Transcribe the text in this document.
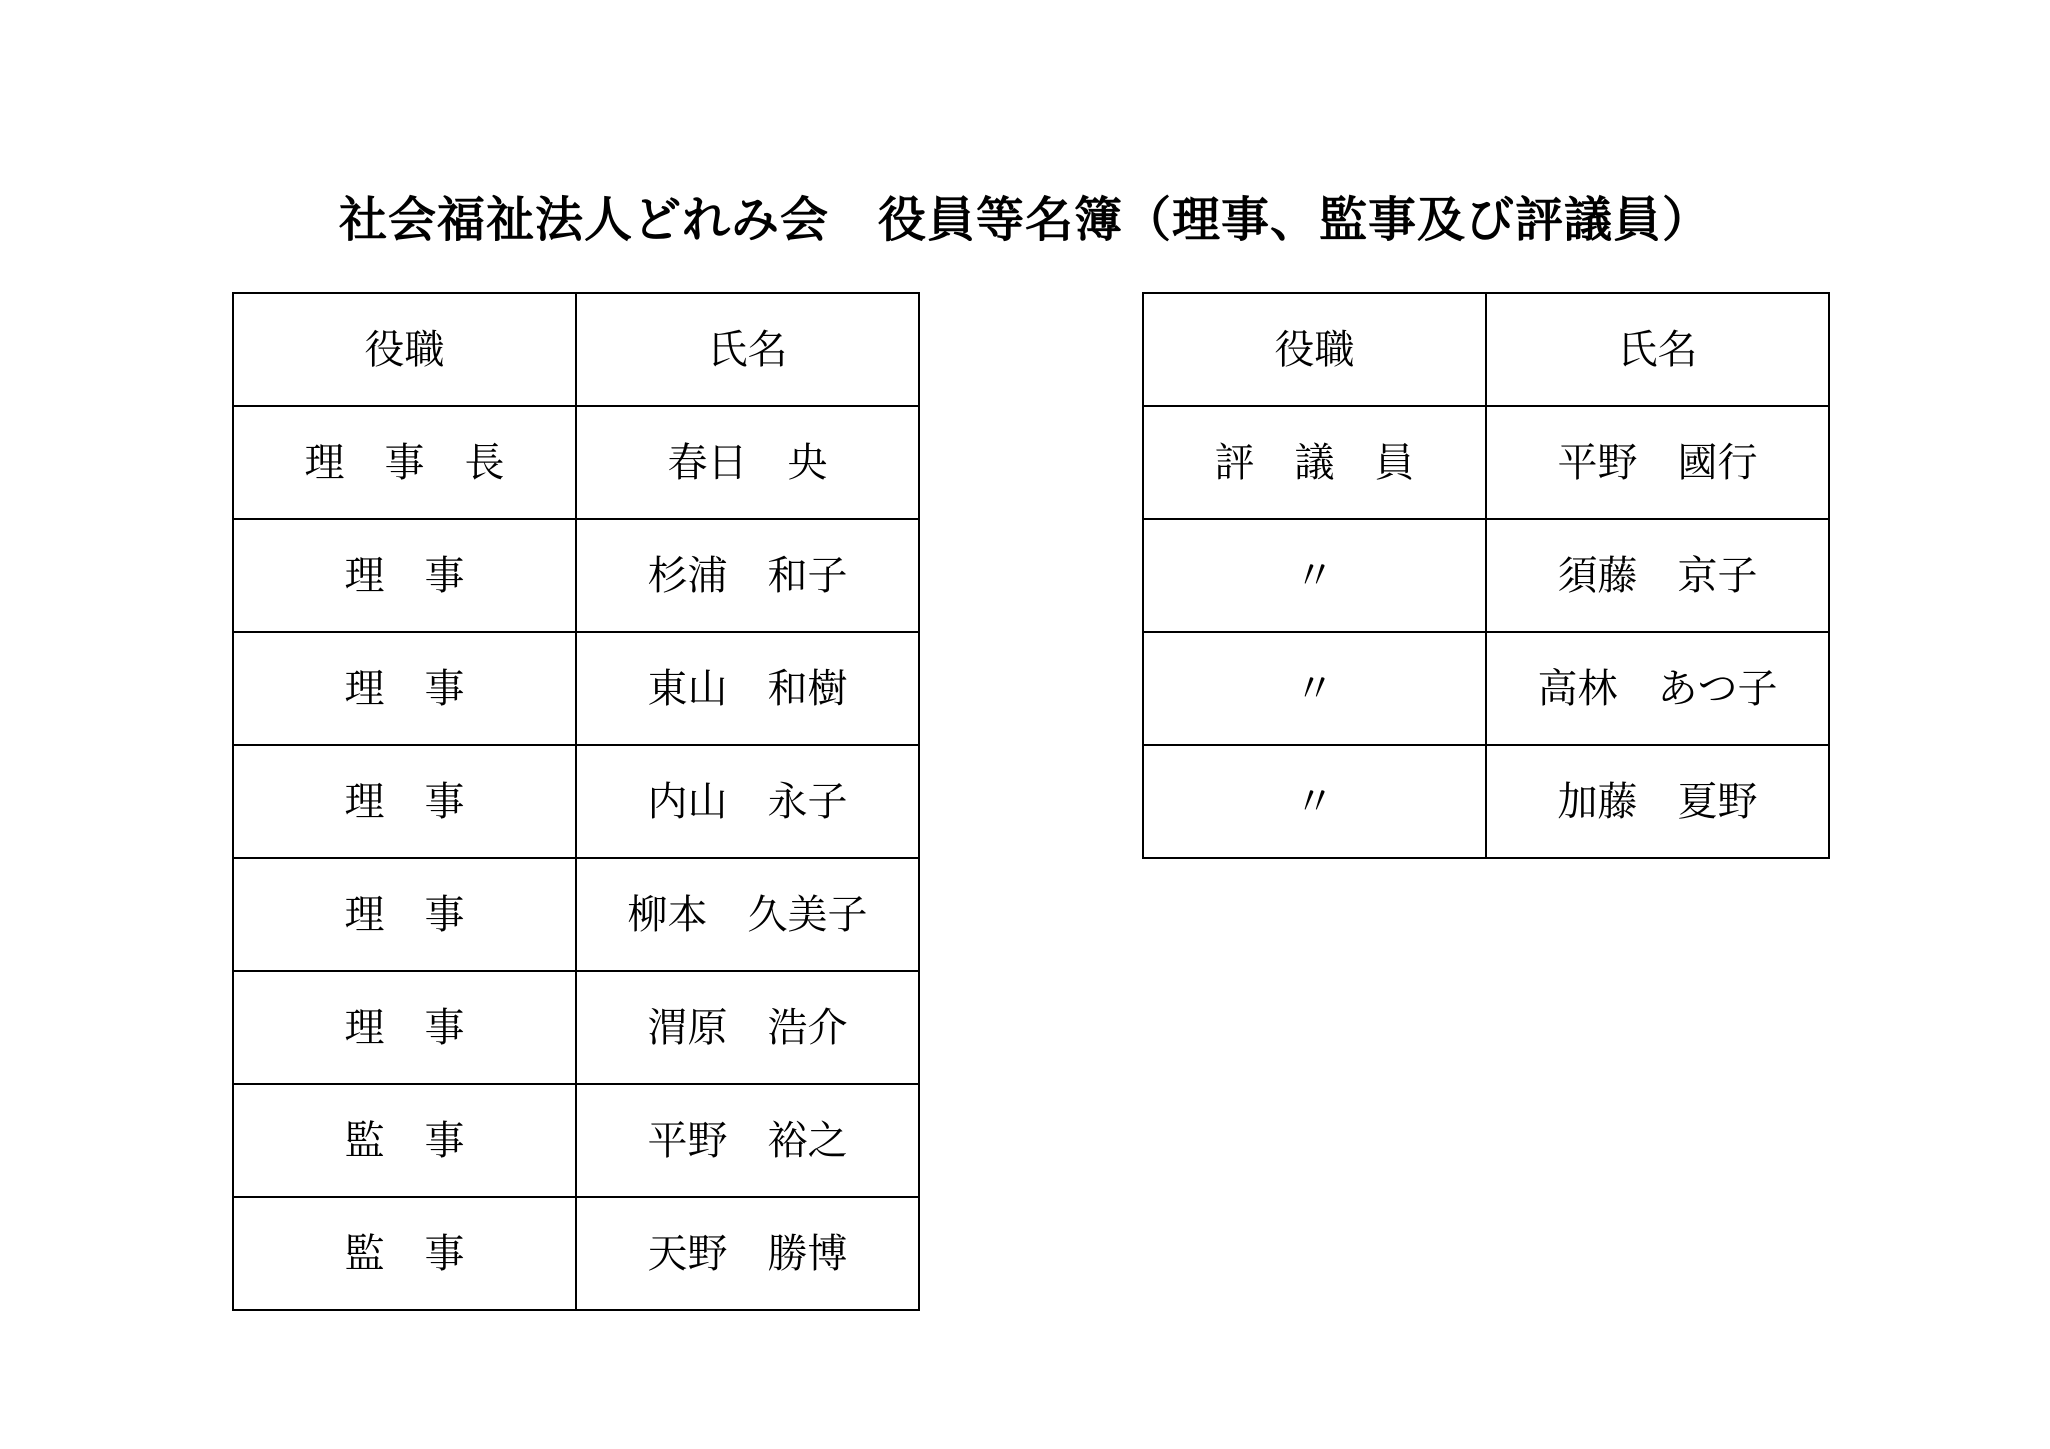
社会福祉法人どれみ会　役員等名簿（理事、監事及び評議員）
役職	氏名
理　事　長	春日　央
理　事	杉浦　和子
理　事	東山　和樹
理　事	内山　永子
理　事	柳本　久美子
理　事	渭原　浩介
監　事	平野　裕之
監　事	天野　勝博
役職	氏名
評　議　員	平野　國行
〃	須藤　京子
〃	高林　あつ子
〃	加藤　夏野
